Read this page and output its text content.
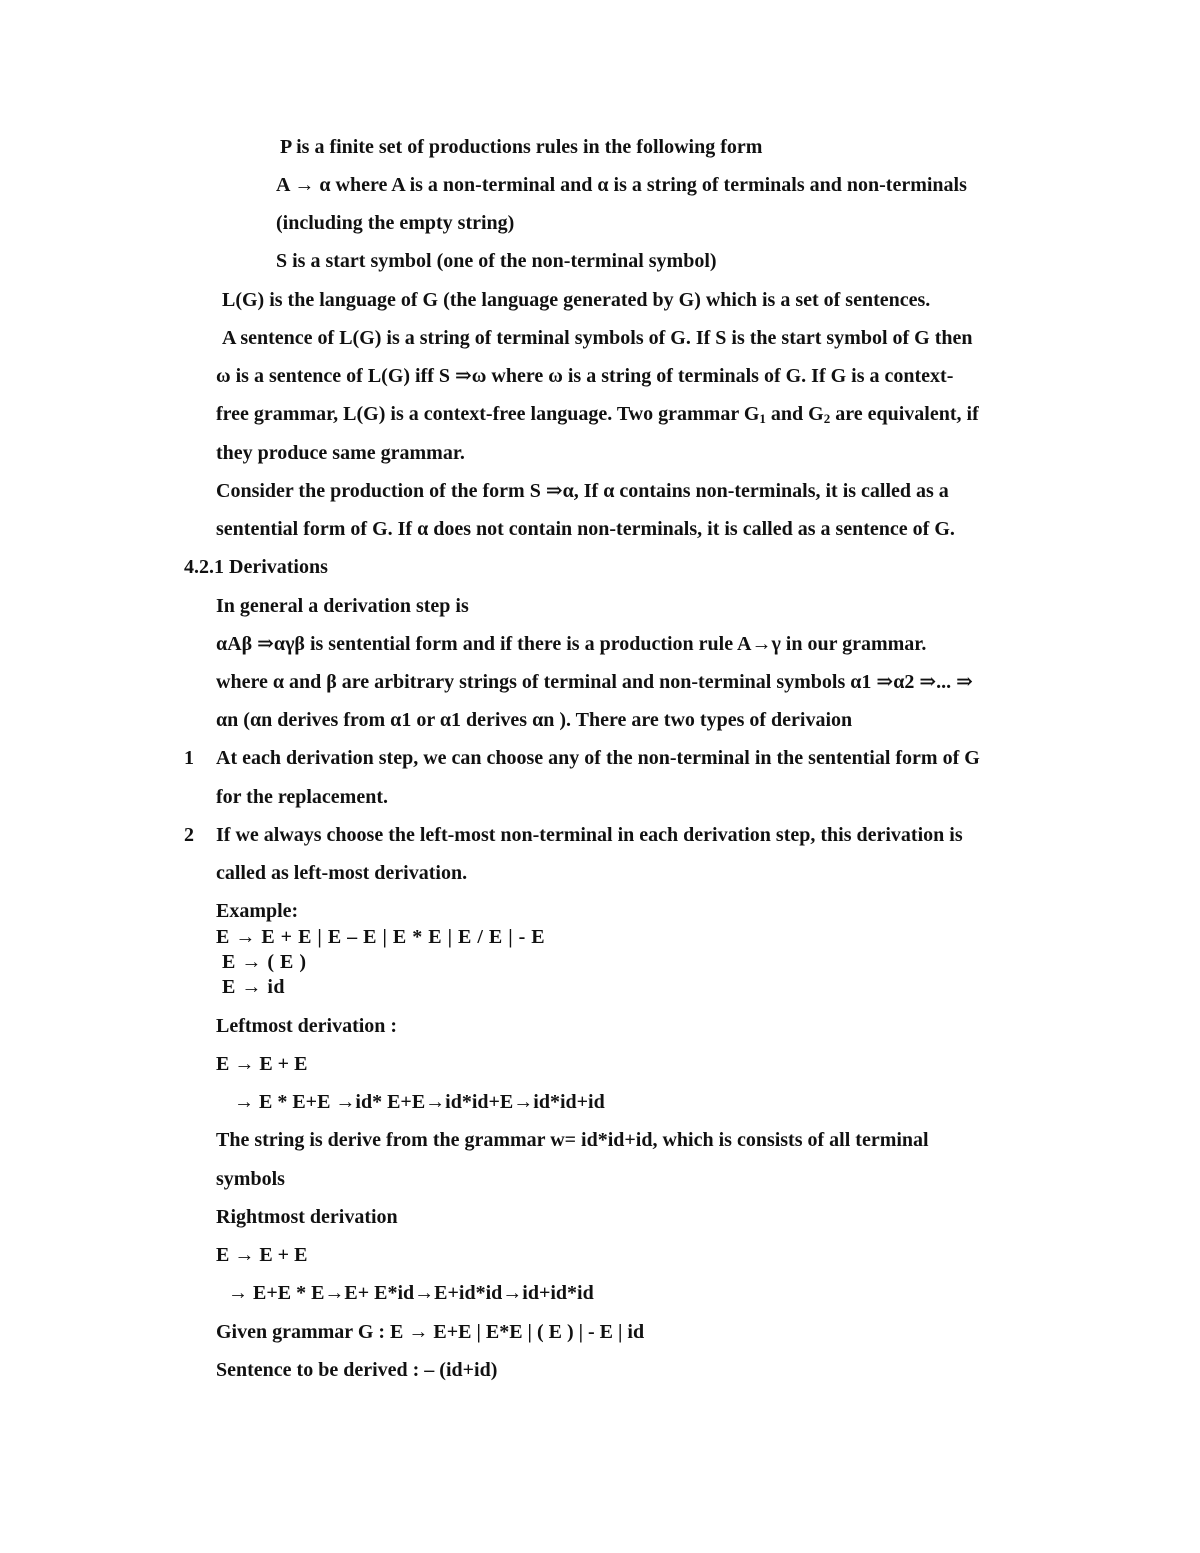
P is a finite set of productions rules in the following form
A → α where A is a non-terminal and α is a string of terminals and non-terminals
(including the empty string)
S is a start symbol (one of the non-terminal symbol)
L(G) is the language of G (the language generated by G) which is a set of sentences.
A sentence of L(G) is a string of terminal symbols of G. If S is the start symbol of G then
ω is a sentence of L(G) iff S ⇒ω where ω is a string of terminals of G. If G is a context-
free grammar, L(G) is a context-free language. Two grammar $G_1$ and $G_2$ are equivalent, if
they produce same grammar.
Consider the production of the form S ⇒α, If α contains non-terminals, it is called as a
sentential form of G. If α does not contain non-terminals, it is called as a sentence of G.
4.2.1 Derivations
In general a derivation step is
αAβ ⇒αγβ is sentential form and if there is a production rule A→γ in our grammar.
where α and β are arbitrary strings of terminal and non-terminal symbols α1 ⇒α2 ⇒... ⇒
αn (αn derives from α1 or α1 derives αn ). There are two types of derivaion
1 At each derivation step, we can choose any of the non-terminal in the sentential form of G
for the replacement.
2 If we always choose the left-most non-terminal in each derivation step, this derivation is
called as left-most derivation.
Example:
E → E + E | E – E | E * E | E / E | - E
E → ( E )
E → id
Leftmost derivation :
E → E + E
→ E * E+E →id* E+E→id*id+E→id*id+id
The string is derive from the grammar w= id*id+id, which is consists of all terminal
symbols
Rightmost derivation
E → E + E
→ E+E * E→E+ E*id→E+id*id→id+id*id
Given grammar G : E → E+E | E*E | ( E ) | - E | id
Sentence to be derived : – (id+id)
